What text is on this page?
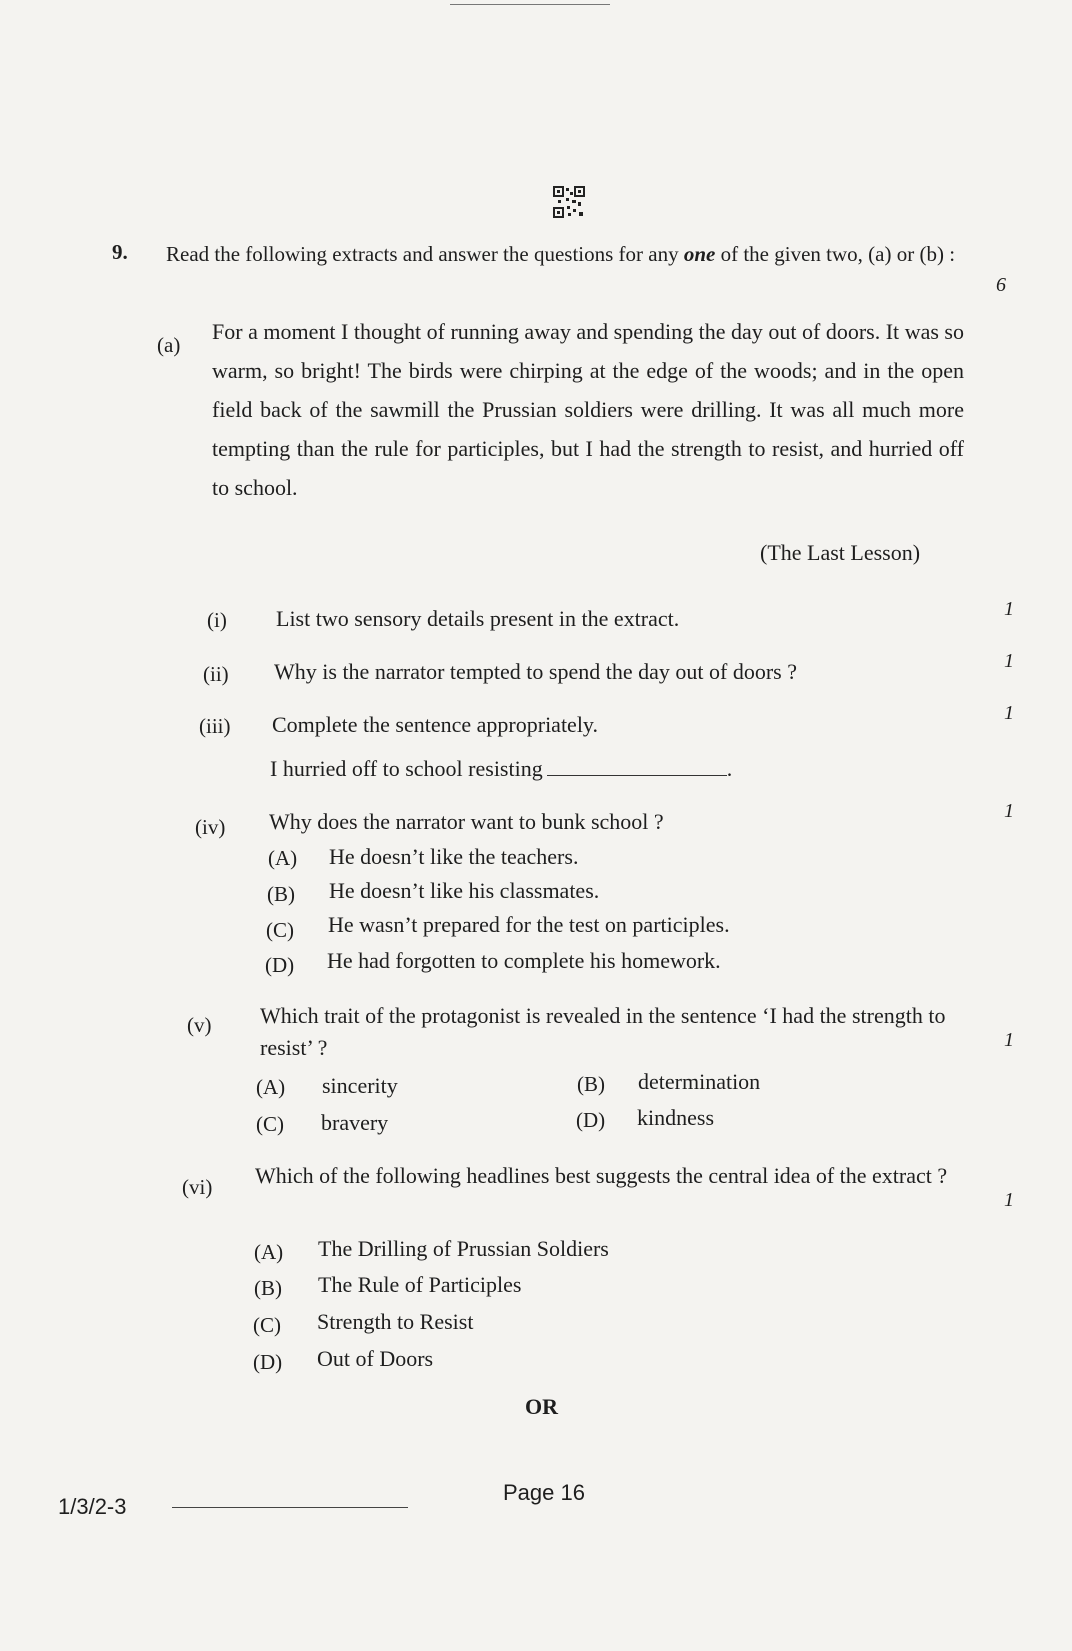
9. Read the following extracts and answer the questions for any one of the given two, (a) or (b) :
6
(a)
For a moment I thought of running away and spending the day out of doors. It was so warm, so bright! The birds were chirping at the edge of the woods; and in the open field back of the sawmill the Prussian soldiers were drilling. It was all much more tempting than the rule for participles, but I had the strength to resist, and hurried off to school.
(The Last Lesson)
(i) List two sensory details present in the extract.	1
(ii) Why is the narrator tempted to spend the day out of doors ?	1
(iii) Complete the sentence appropriately.	1
I hurried off to school resisting	.
(iv) Why does the narrator want to bunk school ?	1
(A) He doesn’t like the teachers.
(B) He doesn’t like his classmates.
(C) He wasn’t prepared for the test on participles.
(D) He had forgotten to complete his homework.
(v) Which trait of the protagonist is revealed in the sentence ‘I had the strength to resist’ ?	1
(A) sincerity	(B) determination
(C) bravery	(D) kindness
(vi) Which of the following headlines best suggests the central idea of the extract ?
1
(A) The Drilling of Prussian Soldiers
(B) The Rule of Participles
(C) Strength to Resist
(D) Out of Doors
OR
1/3/2-3
Page 16
